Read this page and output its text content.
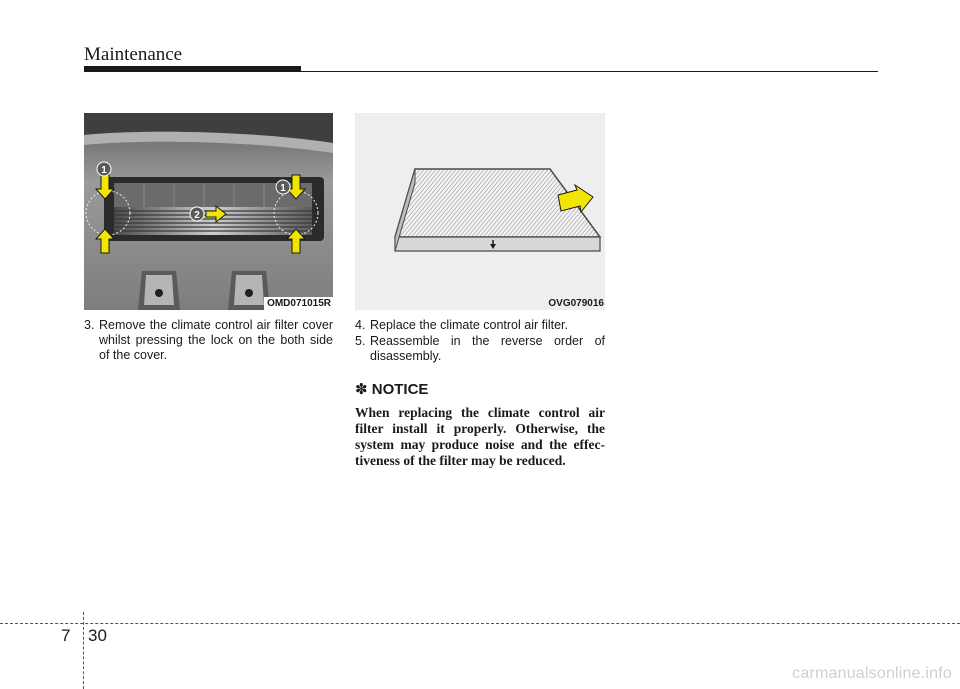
Maintenance
1
2
1
OMD071015R	OVG079016
3. Remove the climate control air filter cover whilst pressing the lock on the both side of the cover.
4. Replace the climate control air filter.
5. Reassemble in the reverse order of disassembly.
✽ NOTICE
When replacing the climate control air filter install it properly. Otherwise, the system may produce noise and the effec-tiveness of the filter may be reduced.
7 30
carmanualsonline.info
